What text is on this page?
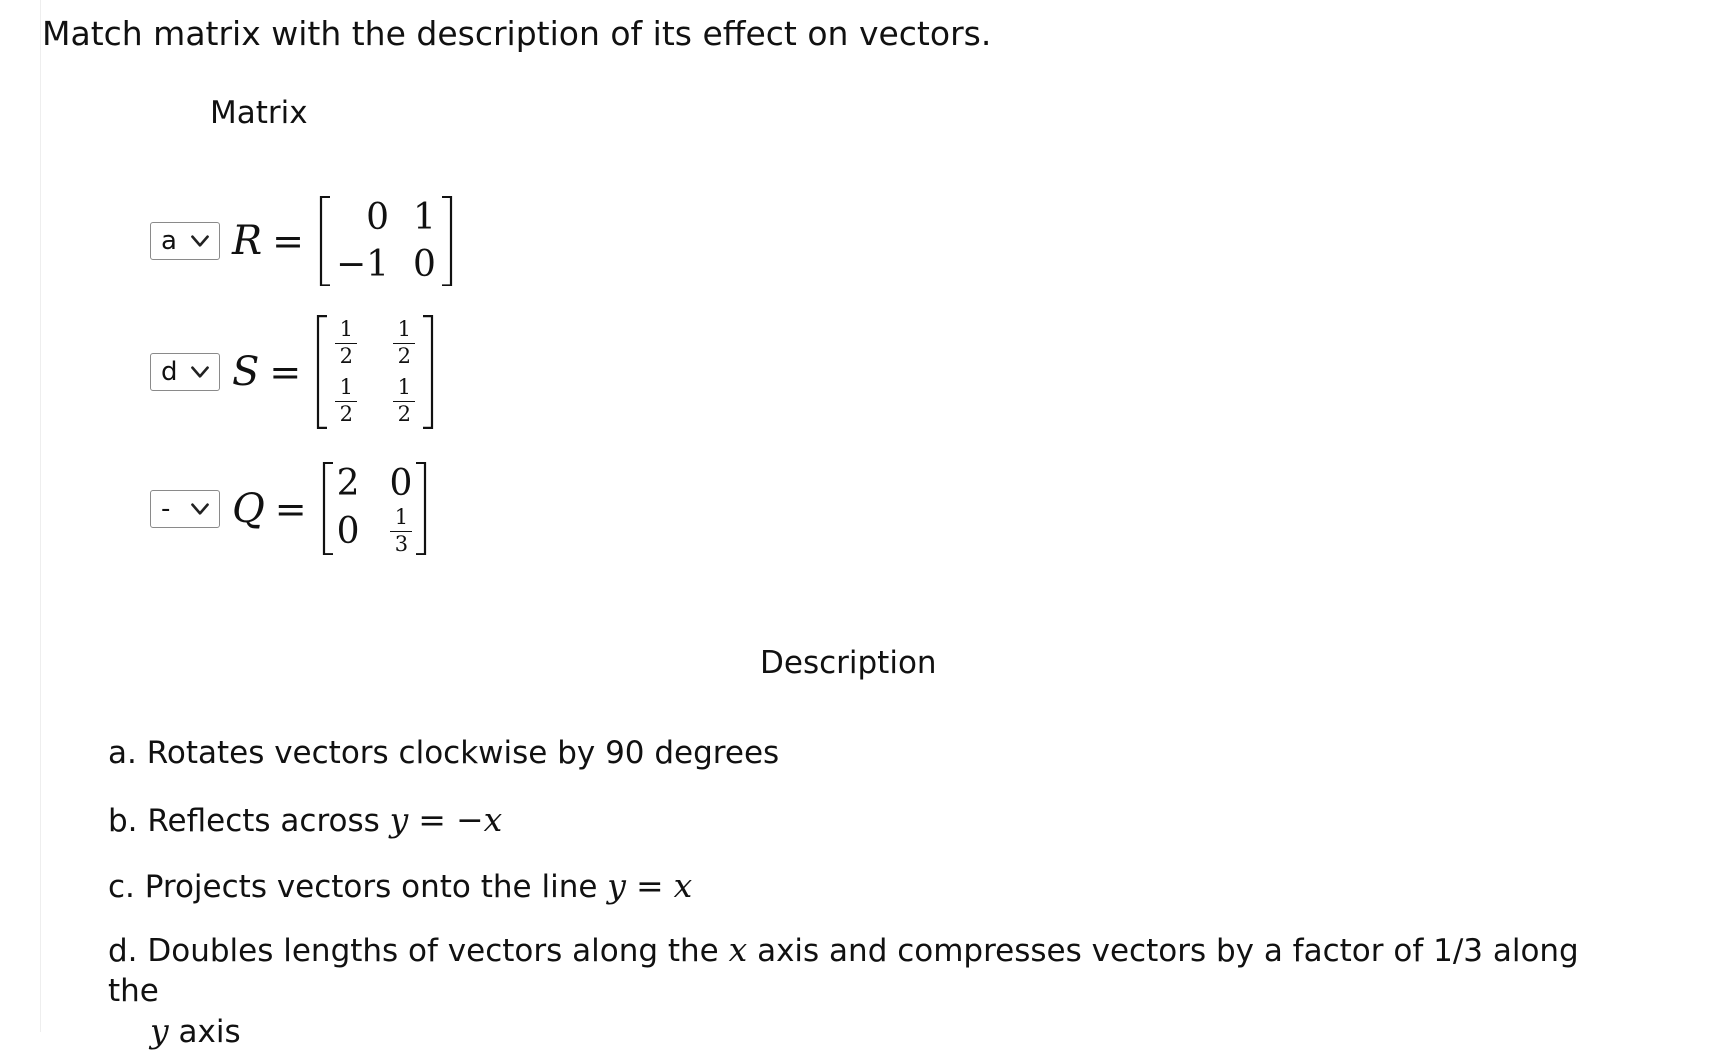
Match matrix with the description of its effect on vectors.
Matrix
a R =
0 1
−1 0
d S =
$\frac{1}{2} \frac{1}{2}$
$\frac{1}{2} \frac{1}{2}$
- Q =
2 0
$0 \frac{1}{3}$
Description
a. Rotates vectors clockwise by 90 degrees
b. Reflects across y = −x
c. Projects vectors onto the line y = x
d. Doubles lengths of vectors along the x axis and compresses vectors by a factor of 1/3 along the
y axis
